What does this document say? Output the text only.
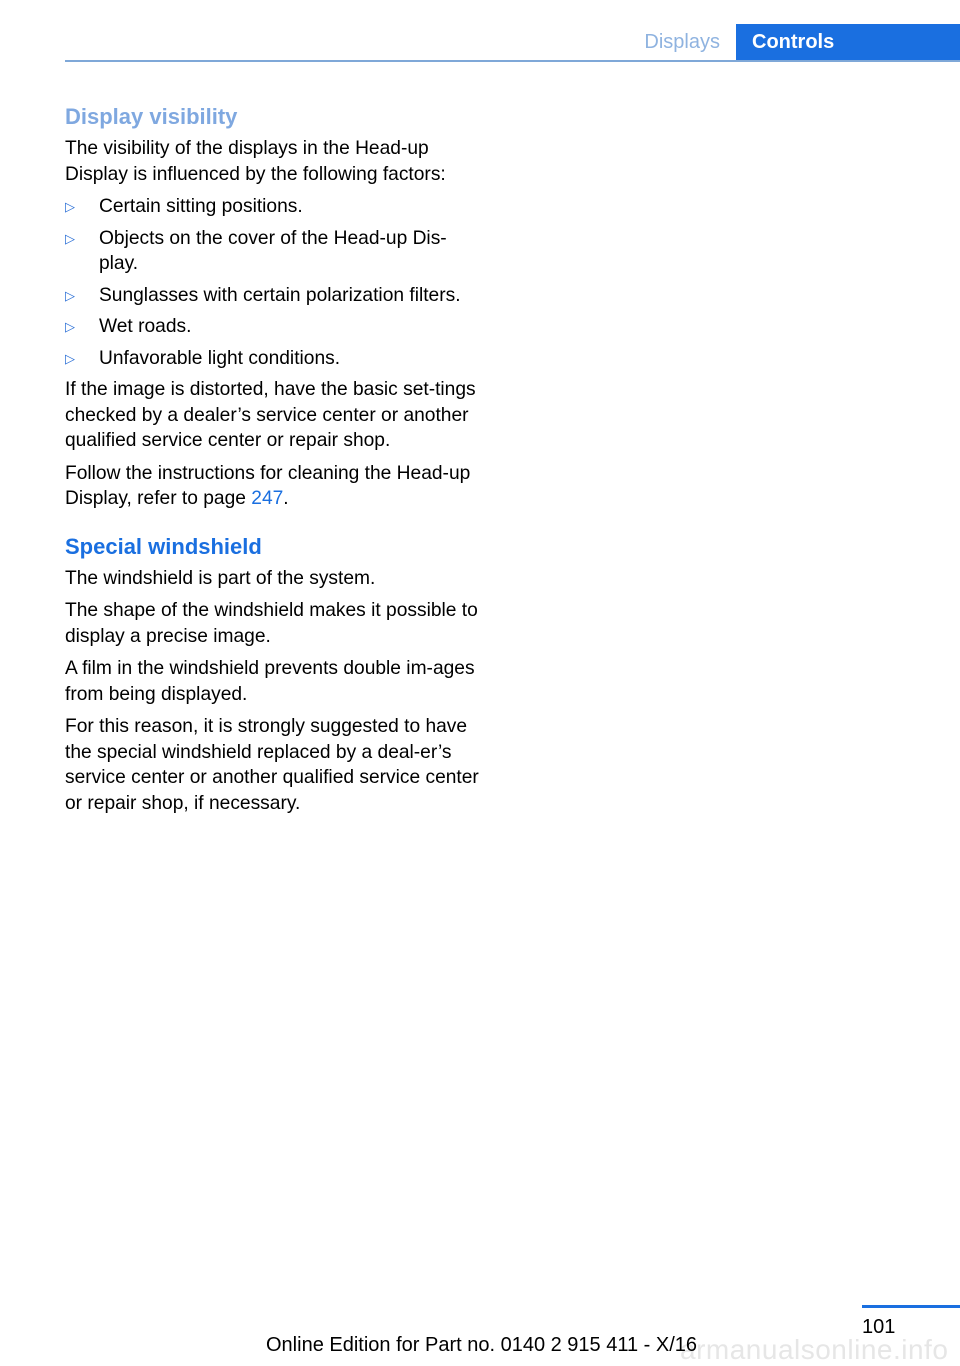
Displays	Controls
Display visibility

The visibility of the displays in the Head-up Display is influenced by the following factors:

▷ Certain sitting positions.
▷ Objects on the cover of the Head-up Dis-play.
▷ Sunglasses with certain polarization filters.
▷ Wet roads.
▷ Unfavorable light conditions.

If the image is distorted, have the basic set-tings checked by a dealer’s service center or another qualified service center or repair shop.

Follow the instructions for cleaning the Head-up Display, refer to page 247.

Special windshield

The windshield is part of the system.

The shape of the windshield makes it possible to display a precise image.

A film in the windshield prevents double im-ages from being displayed.

For this reason, it is strongly suggested to have the special windshield replaced by a deal-er’s service center or another qualified service center or repair shop, if necessary.

101
armanualsonline.info
Online Edition for Part no. 0140 2 915 411 - X/16
